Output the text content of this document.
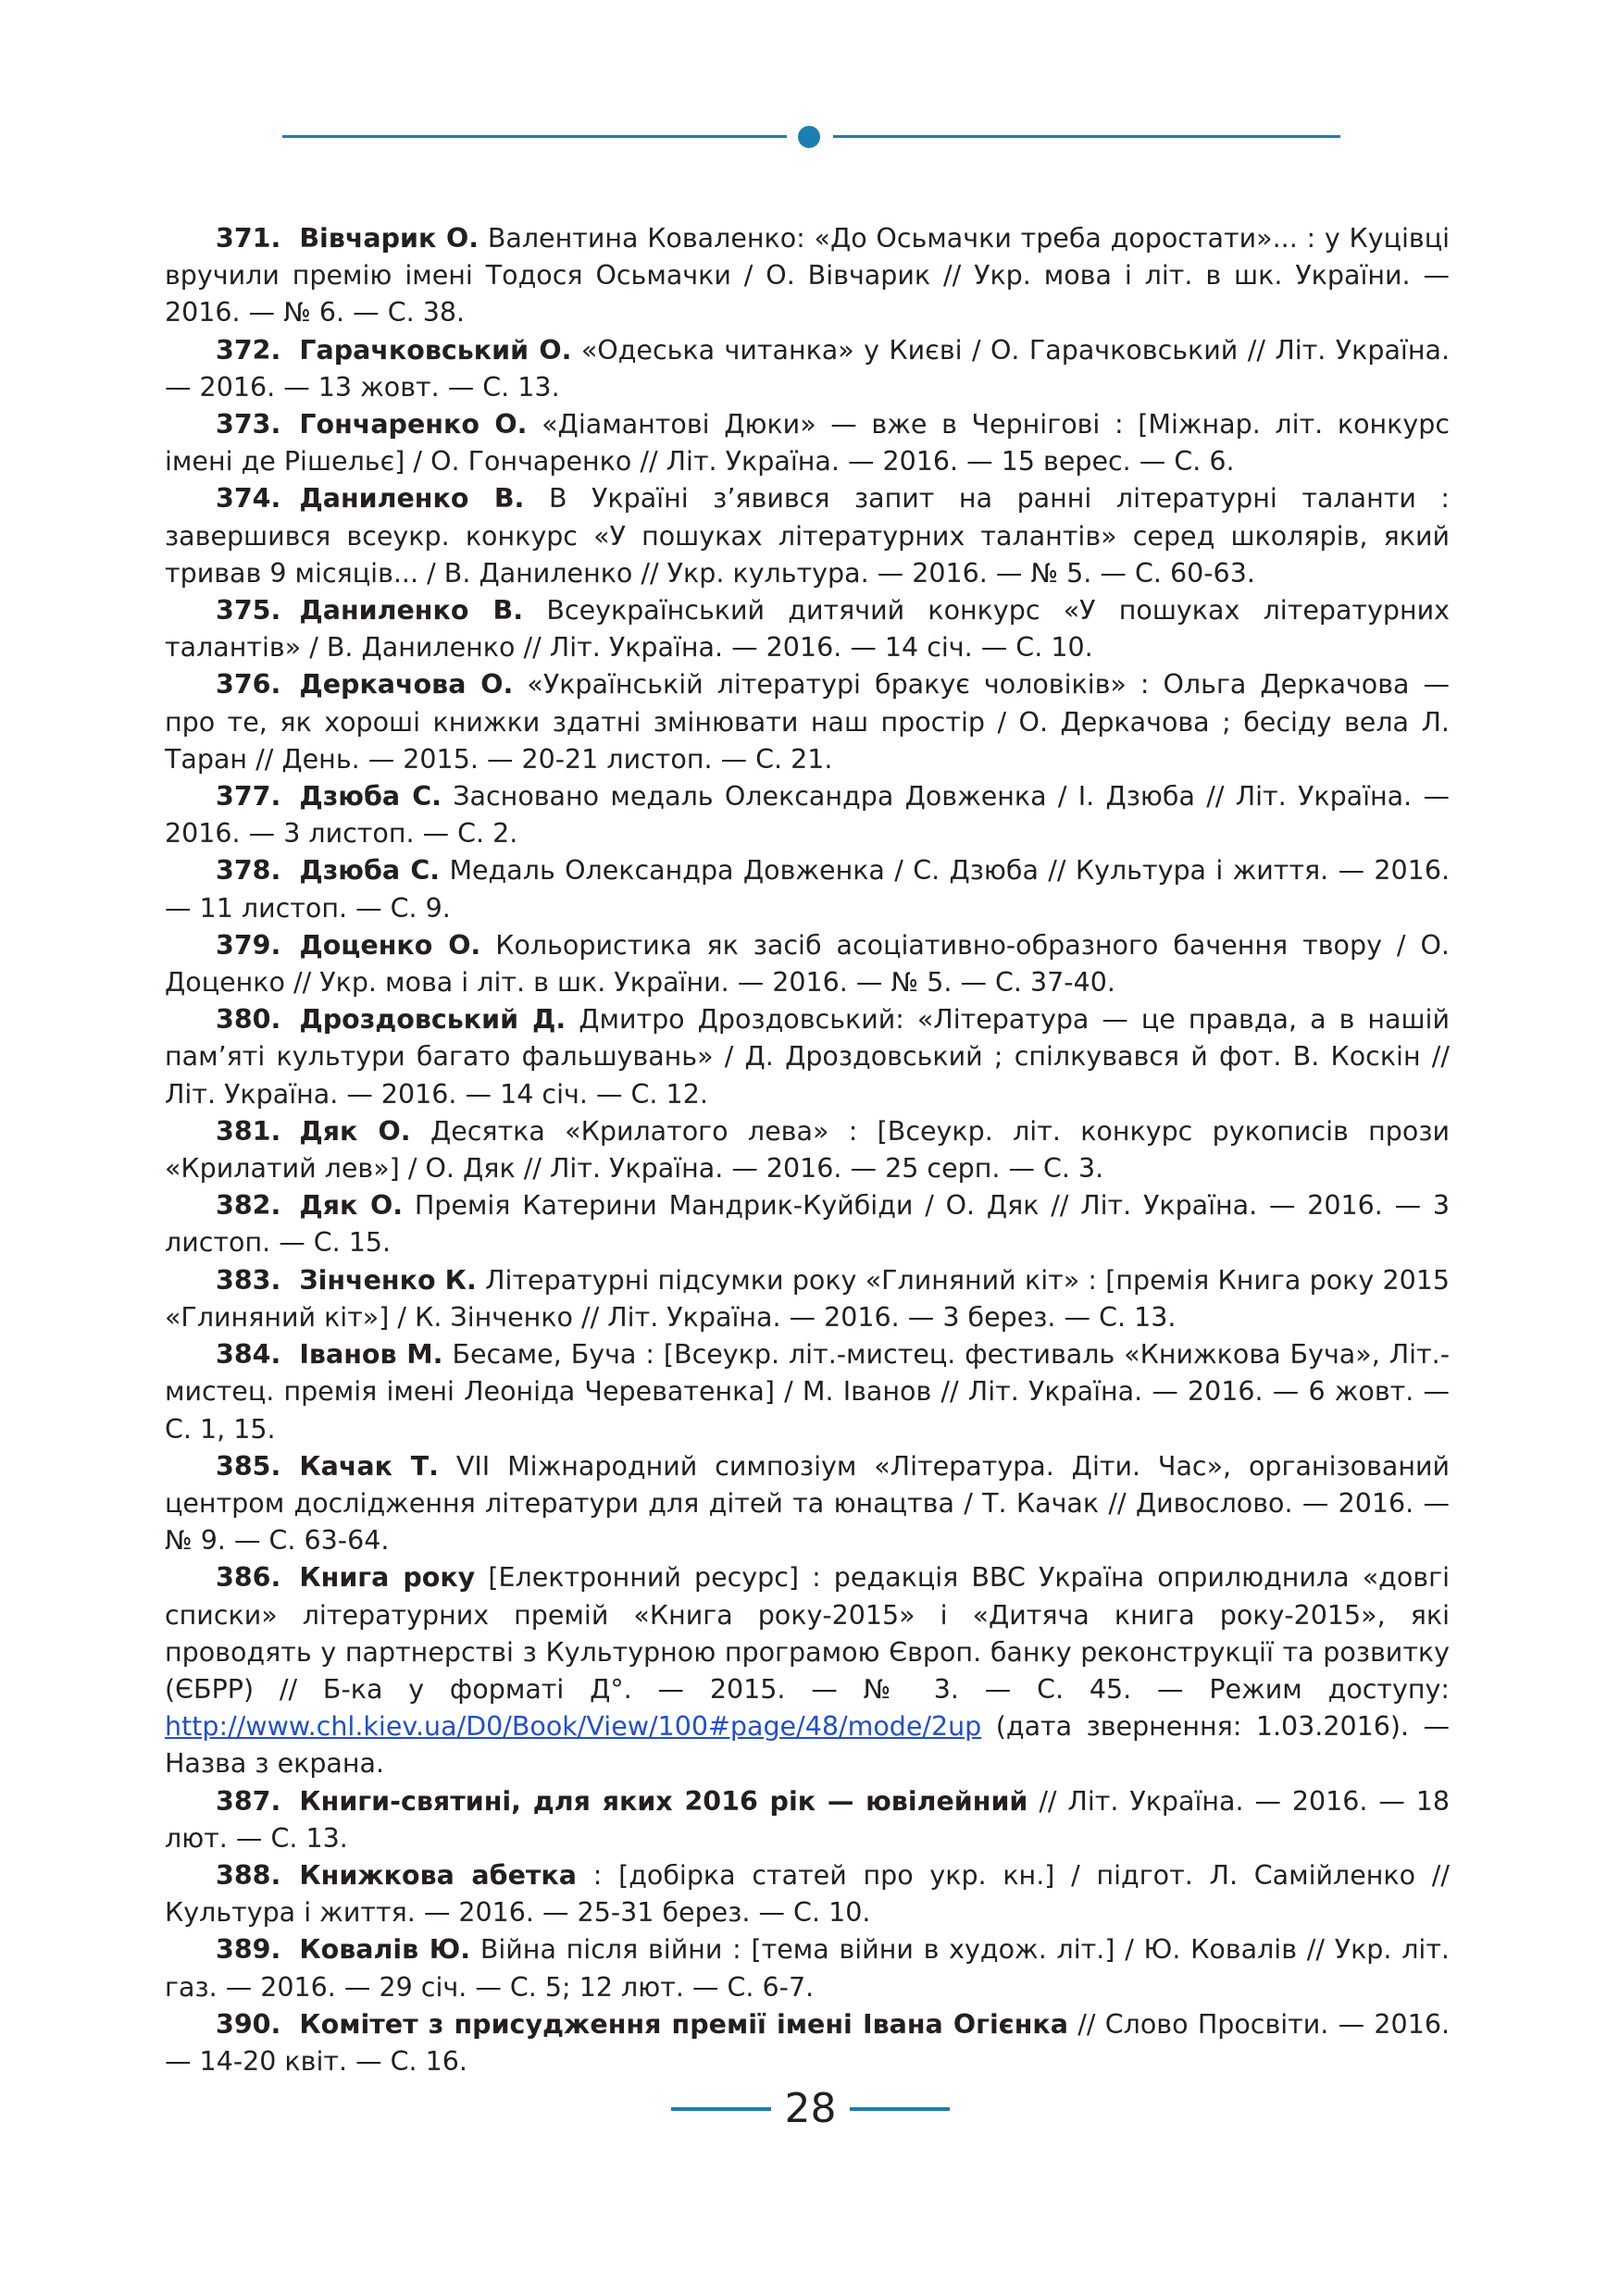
371. Вівчарик О. Валентина Коваленко: «До Осьмачки треба доростати»... : у Куцівці вручили премію імені Тодося Осьмачки / О. Вівчарик // Укр. мова і літ. в шк. України. — 2016. — № 6. — С. 38.

372. Гарачковський О. «Одеська читанка» у Києві / О. Гарачковський // Літ. Україна. — 2016. — 13 жовт. — С. 13.

373. Гончаренко О. «Діамантові Дюки» — вже в Чернігові : [Міжнар. літ. конкурс імені де Рішельє] / О. Гончаренко // Літ. Україна. — 2016. — 15 верес. — С. 6.

374. Даниленко В. В Україні з’явився запит на ранні літературні таланти : завершився всеукр. конкурс «У пошуках літературних талантів» серед школярів, який тривав 9 місяців... / В. Даниленко // Укр. культура. — 2016. — № 5. — С. 60-63.

375. Даниленко В. Всеукраїнський дитячий конкурс «У пошуках літературних талантів» / В. Даниленко // Літ. Україна. — 2016. — 14 січ. — С. 10.

376. Деркачова О. «Українській літературі бракує чоловіків» : Ольга Деркачова — про те, як хороші книжки здатні змінювати наш простір / О. Деркачова ; бесіду вела Л. Таран // День. — 2015. — 20-21 листоп. — С. 21.

377. Дзюба С. Засновано медаль Олександра Довженка / І. Дзюба // Літ. Україна. — 2016. — 3 листоп. — С. 2.

378. Дзюба С. Медаль Олександра Довженка / С. Дзюба // Культура і життя. — 2016. — 11 листоп. — С. 9.

379. Доценко О. Кольористика як засіб асоціативно-образного бачення твору / О. Доценко // Укр. мова і літ. в шк. України. — 2016. — № 5. — С. 37-40.

380. Дроздовський Д. Дмитро Дроздовський: «Література — це правда, а в нашій пам’яті культури багато фальшувань» / Д. Дроздовський ; спілкувався й фот. В. Коскін // Літ. Україна. — 2016. — 14 січ. — С. 12.

381. Дяк О. Десятка «Крилатого лева» : [Всеукр. літ. конкурс рукописів прози «Крилатий лев»] / О. Дяк // Літ. Україна. — 2016. — 25 серп. — С. 3.

382. Дяк О. Премія Катерини Мандрик-Куйбіди / О. Дяк // Літ. Україна. — 2016. — 3 листоп. — С. 15.

383. Зінченко К. Літературні підсумки року «Глиняний кіт» : [премія Книга року 2015 «Глиняний кіт»] / К. Зінченко // Літ. Україна. — 2016. — 3 берез. — С. 13.

384. Іванов М. Бесаме, Буча : [Всеукр. літ.-мистец. фестиваль «Книжкова Буча», Літ.-мистец. премія імені Леоніда Череватенка] / М. Іванов // Літ. Україна. — 2016. — 6 жовт. — С. 1, 15.

385. Качак Т. VII Міжнародний симпозіум «Література. Діти. Час», організований центром дослідження літератури для дітей та юнацтва / Т. Качак // Дивослово. — 2016. — № 9. — С. 63-64.

386. Книга року [Електронний ресурс] : редакція BBC Україна оприлюднила «довгі списки» літературних премій «Книга року-2015» і «Дитяча книга року-2015», які проводять у партнерстві з Культурною програмою Європ. банку реконструкції та розвитку (ЄБРР) // Б-ка у форматі Д°. — 2015. — № 3. — С. 45. — Режим доступу: http://www.chl.kiev.ua/D0/Book/View/100#page/48/mode/2up (дата звернення: 1.03.2016). — Назва з екрана.

387. Книги-святині, для яких 2016 рік — ювілейний // Літ. Україна. — 2016. — 18 лют. — С. 13.

388. Книжкова абетка : [добірка статей про укр. кн.] / підгот. Л. Самійленко // Культура і життя. — 2016. — 25-31 берез. — С. 10.

389. Ковалів Ю. Війна після війни : [тема війни в худож. літ.] / Ю. Ковалів // Укр. літ. газ. — 2016. — 29 січ. — С. 5; 12 лют. — С. 6-7.

390. Комітет з присудження премії імені Івана Огієнка // Слово Просвіти. — 2016. — 14-20 квіт. — С. 16.

28
